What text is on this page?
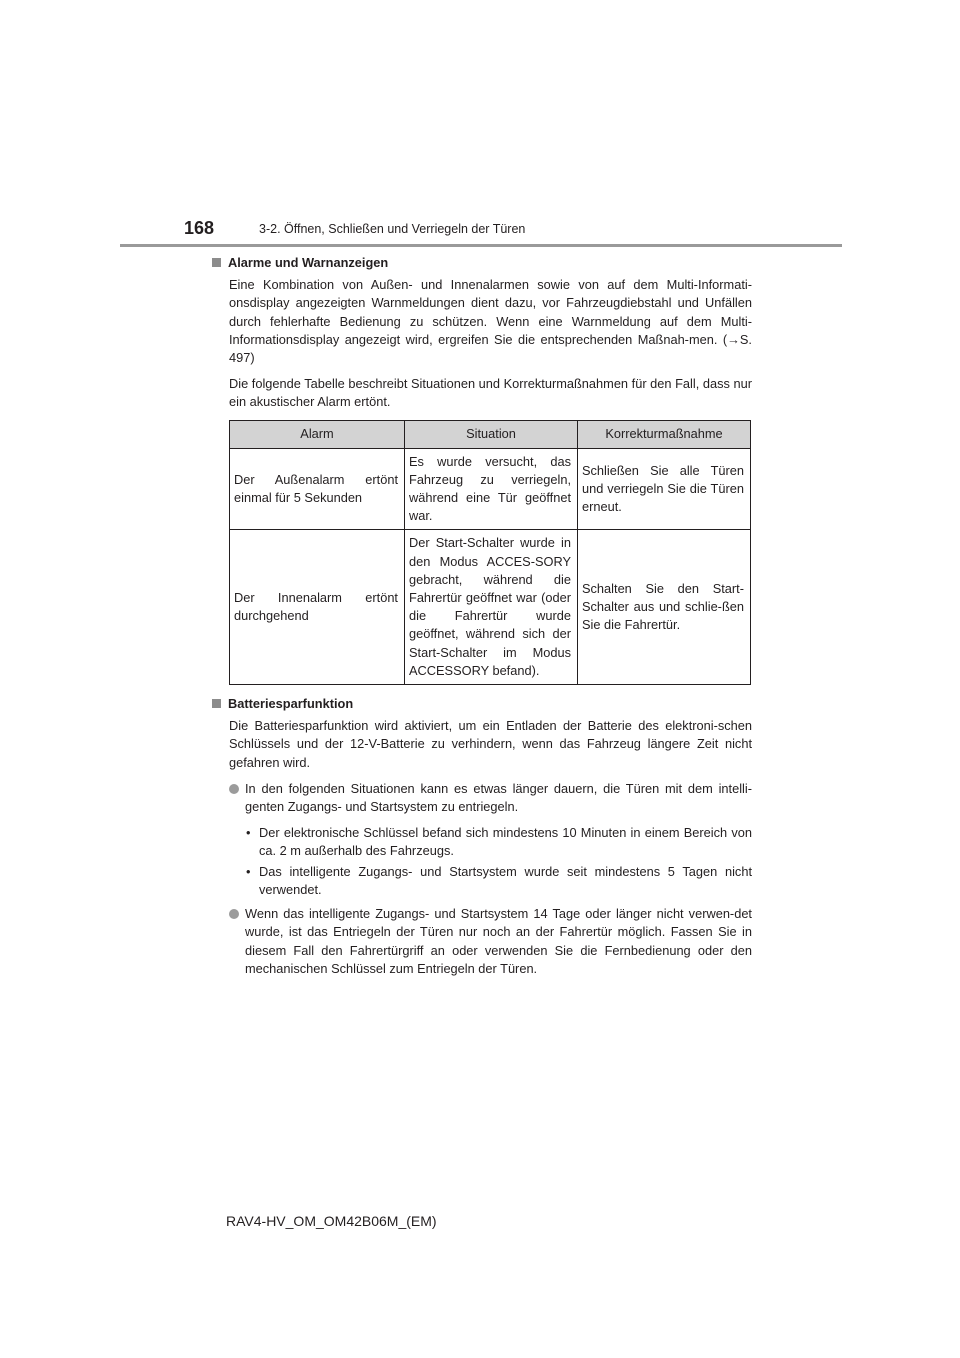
168	3-2. Öffnen, Schließen und Verriegeln der Türen
Alarme und Warnanzeigen

Eine Kombination von Außen- und Innenalarmen sowie von auf dem Multi-Informati-onsdisplay angezeigten Warnmeldungen dient dazu, vor Fahrzeugdiebstahl und Unfällen durch fehlerhafte Bedienung zu schützen. Wenn eine Warnmeldung auf dem Multi-Informationsdisplay angezeigt wird, ergreifen Sie die entsprechenden Maßnah-men. (→S. 497)

Die folgende Tabelle beschreibt Situationen und Korrekturmaßnahmen für den Fall, dass nur ein akustischer Alarm ertönt.

Alarm	Situation	Korrekturmaßnahme
Der Außenalarm ertönt einmal für 5 Sekunden	Es wurde versucht, das Fahrzeug zu verriegeln, während eine Tür geöffnet war.	Schließen Sie alle Türen und verriegeln Sie die Türen erneut.
Der Innenalarm ertönt durchgehend	Der Start-Schalter wurde in den Modus ACCES-SORY gebracht, während die Fahrertür geöffnet war (oder die Fahrertür wurde geöffnet, während sich der Start-Schalter im Modus ACCESSORY befand).	Schalten Sie den Start-Schalter aus und schlie-ßen Sie die Fahrertür.
Batteriesparfunktion

Die Batteriesparfunktion wird aktiviert, um ein Entladen der Batterie des elektroni-schen Schlüssels und der 12-V-Batterie zu verhindern, wenn das Fahrzeug längere Zeit nicht gefahren wird.

In den folgenden Situationen kann es etwas länger dauern, die Türen mit dem intelli-genten Zugangs- und Startsystem zu entriegeln.
• Der elektronische Schlüssel befand sich mindestens 10 Minuten in einem Bereich von ca. 2 m außerhalb des Fahrzeugs.
• Das intelligente Zugangs- und Startsystem wurde seit mindestens 5 Tagen nicht verwendet.
Wenn das intelligente Zugangs- und Startsystem 14 Tage oder länger nicht verwen-det wurde, ist das Entriegeln der Türen nur noch an der Fahrertür möglich. Fassen Sie in diesem Fall den Fahrertürgriff an oder verwenden Sie die Fernbedienung oder den mechanischen Schlüssel zum Entriegeln der Türen.
RAV4-HV_OM_OM42B06M_(EM)
